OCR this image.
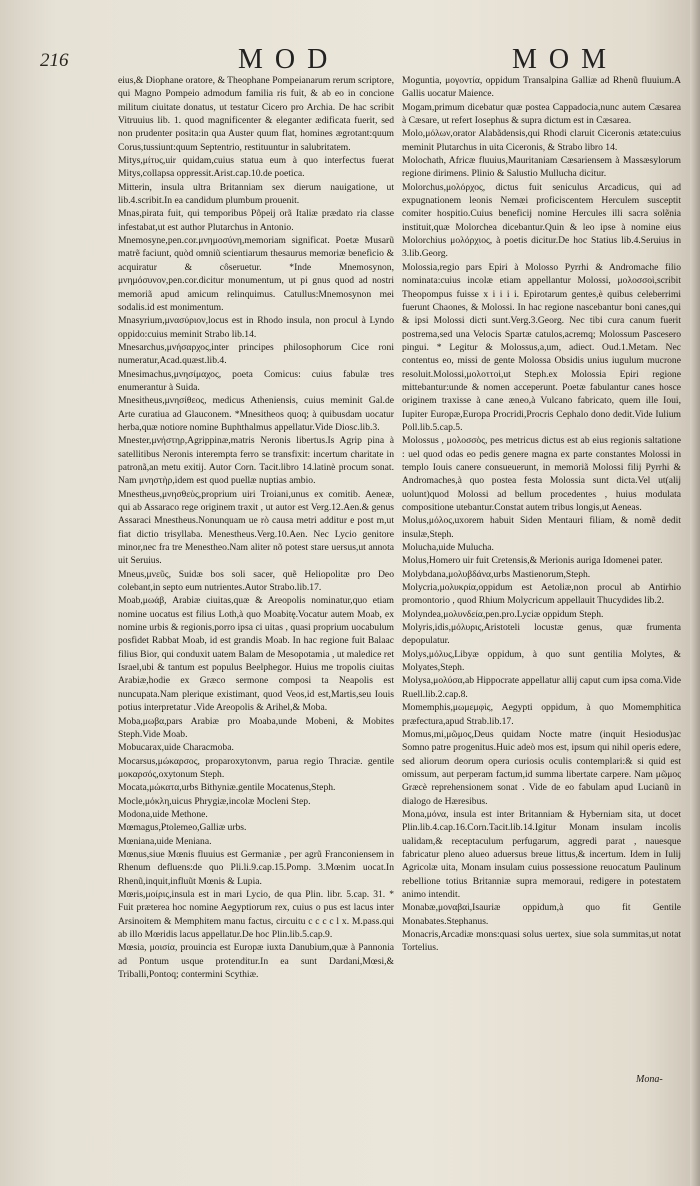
216	MOD	MOM

eius,& Diophane oratore, & Theophane Pompeianarum rerum scriptore, qui Magno Pompeio admodum familia ris fuit, & ab eo in concione militum ciuitate donatus, ut testatur Cicero pro Archia. De hac scribit Vitruuius lib. 1. quod magnificenter & eleganter ædificata fuerit, sed non prudenter posita:in qua Auster quum flat, homines ægrotant:quum Corus,tussiunt:quum Septentrio, restituuntur in salubritatem.

Mitys,μίτυς,uir quidam,cuius statua eum à quo interfectus fuerat Mitys,collapsa oppressit.Arist.cap.10.de poetica.

Mitterin, insula ultra Britanniam sex dierum nauigatione, ut lib.4.scribit.In ea candidum plumbum prouenit.

Mnas,pirata fuit, qui temporibus Pôpeij orã Italiæ prædato ria classe infestabat,ut est author Plutarchus in Antonio.

Mnemosyne,pen.cor.μνημοσύνη,memoriam significat. Poetæ Musarũ matrẽ faciunt, quòd omniũ scientiarum thesaurus memoriæ beneficio & acquiratur & côseruetur. *Inde Mnemosynon, μνημόσυνον,pen.cor.dicitur monumentum, ut pi gnus quod ad nostri memoriã apud amicum relinquimus. Catullus:Mnemosynon mei sodalis.id est monimentum.

Mnasyrium,μνασύριον,locus est in Rhodo insula, non procul à Lyndo oppido:cuius meminit Strabo lib.14.

Mnesarchus,μνήσαρχος,inter principes philosophorum Cice roni numeratur,Acad.quæst.lib.4.

Mnesimachus,μνησίμαχος, poeta Comicus: cuius fabulæ tres enumerantur à Suida.

Mnesitheus,μνησίθεος, medicus Atheniensis, cuius meminit Gal.de Arte curatiua ad Glauconem. *Mnesitheos quoq; à quibusdam uocatur herba,quæ notiore nomine Buphthalmus appellatur.Vide Diosc.lib.3.

Mnester,μνήστηρ,Agrippinæ,matris Neronis libertus.Is Agrip pina à satellitibus Neronis interempta ferro se transfixit: incertum charitate in patronã,an metu exitij. Autor Corn. Tacit.libro 14.latinè procum sonat. Nam μνηστὴρ,idem est quod puellæ nuptias ambio.

Mnestheus,μνησθεὺς,proprium uiri Troiani,unus ex comitib. Aeneæ, qui ab Assaraco rege originem traxit , ut autor est Verg.12.Aen.& genus Assaraci Mnestheus.Nonunquam ue rò causa metri additur e post m,ut fiat dictio trisyllaba. Menestheus.Verg.10.Aen. Nec Lycio genitore minor,nec fra tre Menestheo.Nam aliter nõ potest stare uersus,ut annota uit Seruius.

Mneus,μνεῦς, Suidæ bos soli sacer, quẽ Heliopolitæ pro Deo colebant,in septo eum nutrientes.Autor Strabo.lib.17.

Moab,μωάβ, Arabiæ ciuitas,quæ & Areopolis nominatur,quo etiam nomine uocatus est filius Loth,à quo Moabitę.Vocatur autem Moab, ex nomine urbis & regionis,porro ipsa ci uitas , quasi proprium uocabulum posfidet Rabbat Moab, id est grandis Moab. In hac regione fuit Balaac filius Bior, qui conduxit uatem Balam de Mesopotamia , ut maledice ret Israel,ubi & tantum est populus Beelphegor. Huius me tropolis ciuitas Arabiæ,hodie ex Græco sermone composi ta Neapolis est nuncupata.Nam plerique existimant, quod Veos,id est,Martis,seu Iouis potius interpretatur .Vide Areopolis & Arihel,& Moba.

Moba,μωβα,pars Arabiæ pro Moaba,unde Mobeni, & Mobites Steph.Vide Moab.

Mobucarax,uide Characmoba.

Mocarsus,μώκαρσος, proparoxytonvm, parua regio Thraciæ. gentile μοκαρσός,oxytonum Steph.

Mocata,μώκατα,urbs Bithyniæ.gentile Mocatenus,Steph.

Mocle,μόκλη,uicus Phrygiæ,incolæ Mocleni Step.

Modona,uide Methone.

Mœmagus,Ptolemeo,Galliæ urbs.

Mœniana,uide Meniana.

Mœnus,siue Mœnis fluuius est Germaniæ , per agrũ Franconiensem in Rhenum defluens:de quo Pli.li.9.cap.15.Pomp. 3.Mœnim uocat.In Rhenũ,inquit,influũt Mœnis & Lupia.

Mœris,μοίρις,insula est in mari Lycio, de qua Plin. libr. 5.cap. 31. * Fuit præterea hoc nomine Aegyptiorum rex, cuius o pus est lacus inter Arsinoitem & Memphitem manu factus, circuitu c c c c l x. M.pass.qui ab illo Mœridis lacus appellatur.De hoc Plin.lib.5.cap.9.

Mœsia, μοισία, prouincia est Europæ iuxta Danubium,quæ à Pannonia ad Pontum usque protenditur.In ea sunt Dardani,Mœsi,& Triballi,Pontoq; contermini Scythiæ.

Moguntia, μογοντία, oppidum Transalpina Galliæ ad Rhenũ fluuium.A Gallis uocatur Maience.

Mogam,primum dicebatur quæ postea Cappadocia,nunc autem Cæsarea à Cæsare, ut refert Iosephus & supra dictum est in Cæsarea.

Molo,μόλων,orator Alabãdensis,qui Rhodi claruit Ciceronis ætate:cuius meminit Plutarchus in uita Ciceronis, & Strabo libro 14.

Molochath, Africæ fluuius,Mauritaniam Cæsariensem à Massæsylorum regione dirimens. Plinio & Salustio Mullucha dicitur.

Molorchus,μολόρχος, dictus fuit seniculus Arcadicus, qui ad expugnationem leonis Nemæi proficiscentem Herculem susceptit comiter hospitio.Cuius beneficij nomine Hercules illi sacra solẽnia instituit,quæ Molorchea dicebantur.Quin & leo ipse à nomine eius Molorchius μολόρχιος, à poetis dicitur.De hoc Statius lib.4.Seruius in 3.lib.Georg.

Molossia,regio pars Epiri à Molosso Pyrrhi & Andromache filio nominata:cuius incolæ etiam appellantur Molossi, μολοσσοὶ,scribit Theopompus fuisse x i i i i. Epirotarum gentes,è quibus celeberrimi fuerunt Chaones, & Molossi. In hac regione nascebantur boni canes,qui & ipsi Molossi dicti sunt.Verg.3.Georg. Nec tibi cura canum fuerit postrema,sed una Velocis Spartæ catulos,acremq; Molossum Pascesero pingui. * Legitur & Molossus,a,um, adiect. Oud.1.Metam. Nec contentus eo, missi de gente Molossa Obsidis unius iugulum mucrone resoluit.Molossi,μολοττοὶ,ut Steph.ex Molossia Epiri regione mittebantur:unde & nomen acceperunt. Poetæ fabulantur canes hosce originem traxisse à cane æneo,à Vulcano fabricato, quem ille Ioui, Iupiter Europæ,Europa Procridi,Procris Cephalo dono dedit.Vide Iulium Poll.lib.5.cap.5.

Molossus , μολοσσὸς, pes metricus dictus est ab eius regionis saltatione : uel quod odas eo pedis genere magna ex parte constantes Molossi in templo Iouis canere consueuerunt, in memoriã Molossi filij Pyrrhi & Andromaches,à quo postea festa Molossia sunt dicta.Vel ut(alij uolunt)quod Molossi ad bellum procedentes , huius modulata compositione utebantur.Constat autem tribus longis,ut Aeneas.

Molus,μόλος,uxorem habuit Siden Mentauri filiam, & nomẽ dedit insulæ,Steph.

Molucha,uide Mulucha.

Molus,Homero uir fuit Cretensis,& Merionis auriga Idomenei pater.

Molybdana,μολυβδάνα,urbs Mastienorum,Steph.

Molycria,μολυκρία,oppidum est Aetoliæ,non procul ab Antirhio promontorio , quod Rhium Molycricum appellauit Thucydides lib.2.

Molyndea,μολυνδεία,pen.pro.Lyciæ oppidum Steph.

Molyris,idis,μόλυρις,Aristoteli locustæ genus, quæ frumenta depopulatur.

Molys,μόλυς,Libyæ oppidum, à quo sunt gentilia Molytes, & Molyates,Steph.

Molysa,μολύσα,ab Hippocrate appellatur allij caput cum ipsa coma.Vide Ruell.lib.2.cap.8.

Momemphis,μωμεμφὶς, Aegypti oppidum, à quo Momemphitica præfectura,apud Strab.lib.17.

Momus,mi,μῶμος,Deus quidam Nocte matre (inquit Hesiodus)ac Somno patre progenitus.Huic adeò mos est, ipsum qui nihil operis edere, sed aliorum deorum opera curiosis oculis contemplari:& si quid est omissum, aut perperam factum,id summa libertate carpere. Nam μῶμος Græcè reprehensionem sonat . Vide de eo fabulam apud Lucianũ in dialogo de Hæresibus.

Mona,μόνα, insula est inter Britanniam & Hyberniam sita, ut docet Plin.lib.4.cap.16.Corn.Tacit.lib.14.Igitur Monam insulam incolis ualidam,& receptaculum perfugarum, aggredi parat , nauesque fabricatur pleno alueo aduersus breue littus,& incertum. Idem in Iulij Agricolæ uita, Monam insulam cuius possessione reuocatum Paulinum rebellione totius Britanniæ supra memoraui, redigere in potestatem animo intendit.

Monabæ,μοναβαὶ,Isauriæ oppidum,à quo fit Gentile Monabates.Stephanus.

Monacris,Arcadiæ mons:quasi solus uertex, siue sola summitas,ut notat Tortelius.

Mona-
